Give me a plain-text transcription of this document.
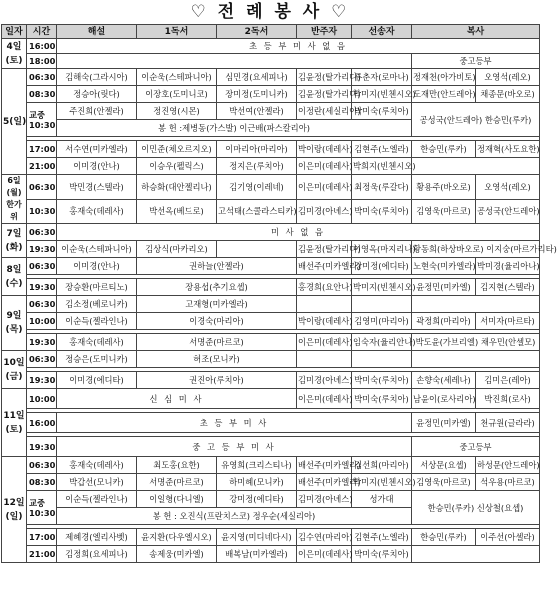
♡ 전 례 봉 사 ♡
일자	시간	해설	1독서	2독서	반주자	선송자	복사	
4일
(토)	16:00	초 등 부 미 사 없 음						
	18:00						중고등부	
5(일)	06:30	김해숙(그라시아)	이순욱(스테파니아)	심민경(요세피나)	김윤정(탈가리다)	류춘자(로마나)	정재천(아가비토)	오영석(레오)
	08:30	정승아(릿다)	이장호(도미니코)	장미정(도미니카)	김윤정(탈가리다)	박미지(빈첸시오)	도재만(안드레아)	채종문(바오로)
	교중
10:30	주진희(안젤라)	정진영(시몬)	박선여(안젤라)	이정란(세실리아)	박미숙(루치아)	공성국(안드레아) 한승민(루카)	
		봉 헌 :제병동(가스발) 이근배(파스칼리아)						

	17:00	서수연(미카엘라)	이민준(체오르지오)	이마리아(마리아)	박이랑(데레사)	김현주(노엘라)	한승민(루카)	정재혁(사도요한)
	21:00	이미경(안나)	이승우(펠릭스)	정지은(루치아)	이은미(데레사)	박희지(빈첸시오)		
6일(월)
한가위	06:30	박민경(스텔라)	하승화(대안젤리나)	김기영(이레네)	이은미(데레사)	최정욱(루갈다)	황용주(바오로)	오영석(레오)
	10:30	홍재숙(데레사)	박선옥(베드로)	고석태(스콜라스티카)	김미경(아녜스)	박미숙(루치아)	김영욱(마르코)	공성국(안드레아)
7일
(화)	06:30	미 사 없 음						
	19:30	이순욱(스테파니아)	김상식(마카리오)		김윤정(탈가리다)	이영옥(마지리나)	황동희(하상바오로) 이지숭(마르가리타)	
8일
(수)	06:30	이미경(안나)	권하늘(안젤라)		배선주(미카엘라)	강미정(에디타)	노현숙(미카엘라)	박미경(율리아나)

	19:30	장승환(마르티노)	장용섭(추기요셉)		홍경희(요안나)	박미지(빈첸시오)	윤정민(미카엘)	김지현(스텔라)
9일
(목)	06:30	김소정(베로니카)	고재형(미카엘라)					
	10:00	이순득(젤라인나)	이경숙(마리아)		박이랑(데레사)	김영미(마리아)	곽정희(마리아)	서미자(마르타)

	19:30	홍재숙(데레사)	서명준(마르코)		이은미(데레사)	임숙자(율리안나)	박도윤(가브리엘) 채우민(안셀모)	
10일
(금)	06:30	정승은(도미니카)	허조(모니카)					

	19:30	이미경(에디타)	권진아(루치아)		김미경(아녜스)	박미숙(루치아)	손향숙(세레나)	김미은(레아)
11일
(토)	10:00	신 심 미 사			이은미(데레사)	박미숙(루치아)	남윤이(로사리아)	박진희(로사)

	16:00	초 등 부 미 사					윤정민(미카엘)	천규원(글라라)

	19:30	중 고 등 부 미 사					중고등부	
12일
(일)	06:30	홍재숙(데레사)	최도홍(요한)	유영희(크리스티나)	배선주(미카엘라)	김선희(마리아)	서상문(요셉)	하성문(안드레아)
	08:30	박갑선(모니카)	서명준(마르코)	하미혜(모니카)	배선주(미카엘라)	박미지(빈첸시오)	김영욱(마르코)	석우용(마르코)
	교중
10:30	이순득(젤라인나)	이일형(다니엘)	강미정(에디타)	김미경(아녜스)	성가대	한승민(루카) 신상철(요셉)	
		봉 헌 : 오진식(프란치스코) 정우순(세실리아)						

	17:00	제혜경(엘리사벳)	윤지환(다우엘시오)	윤지영(미디네다시)	김수연(마리아)	김현주(노엘라)	한승민(루카)	이주선(아셀라)
	21:00	김정희(요세피나)	송제웅(미카엘)	배복남(미카엘라)	이은미(데레사)	박미숙(루치아)		
